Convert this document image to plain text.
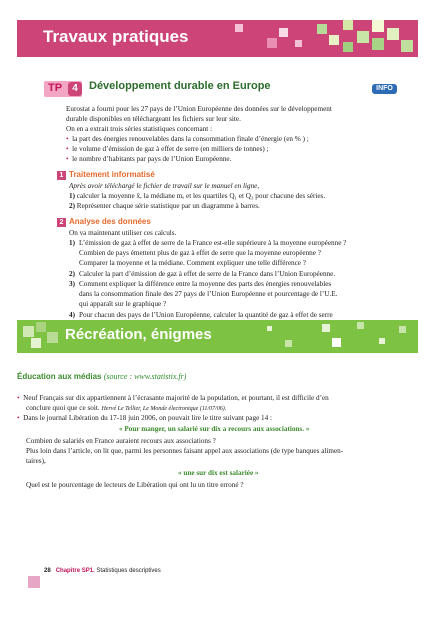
Travaux pratiques
TP	4	Développement durable en Europe	INFO
Eurostat a fourni pour les 27 pays de l’Union Européenne des données sur le développement
durable disponibles en téléchargeant les fichiers sur leur site.
On en a extrait trois séries statistiques concernant :
• la part des énergies renouvelables dans la consommation finale d’énergie (en % ) ;
• le volume d’émission de gaz à effet de serre (en milliers de tonnes) ;
• le nombre d’habitants par pays de l’Union Européenne.
1 Traitement informatisé
Après avoir téléchargé le fichier de travail sur le manuel en ligne,
1) calculer la moyenne x̄, la médiane mₑ et les quartiles Q₁ et Q₃ pour chacune des séries.
2) Représenter chaque série statistique par un diagramme à barres.
2 Analyse des données
On va maintenant utiliser ces calculs.
1) L’émission de gaz à effet de serre de la France est-elle supérieure à la moyenne européenne ?
Combien de pays émettent plus de gaz à effet de serre que la moyenne européenne ?
Comparer la moyenne et la médiane. Comment expliquer une telle différence ?
2) Calculer la part d’émission de gaz à effet de serre de la France dans l’Union Européenne.
3) Comment expliquer la différence entre la moyenne des parts des énergies renouvelables
dans la consommation finale des 27 pays de l’Union Européenne et pourcentage de l’U.E.
qui apparaît sur le graphique ?
4) Pour chacun des pays de l’Union Européenne, calculer la quantité de gaz à effet de serre
Récréation, énigmes
Éducation aux médias (source : www.statistix.fr)
• Neuf Français sur dix appartiennent à l’écrasante majorité de la population, et pourtant, il est difficile d’en
conclure quoi que ce soit. Hervé Le Tellier, Le Monde électronique (11/07/06).
• Dans le journal Libération du 17-18 juin 2006, on pouvait lire le titre suivant page 14 :
« Pour manger, un salarié sur dix a recours aux associations. »
Combien de salariés en France auraient recours aux associations ?
Plus loin dans l’article, on lit que, parmi les personnes faisant appel aux associations (de type banques alimen-
taires),
« une sur dix est salariée »
Quel est le pourcentage de lecteurs de Libération qui ont lu un titre erroné ?
28 Chapitre SP1. Statistiques descriptives
